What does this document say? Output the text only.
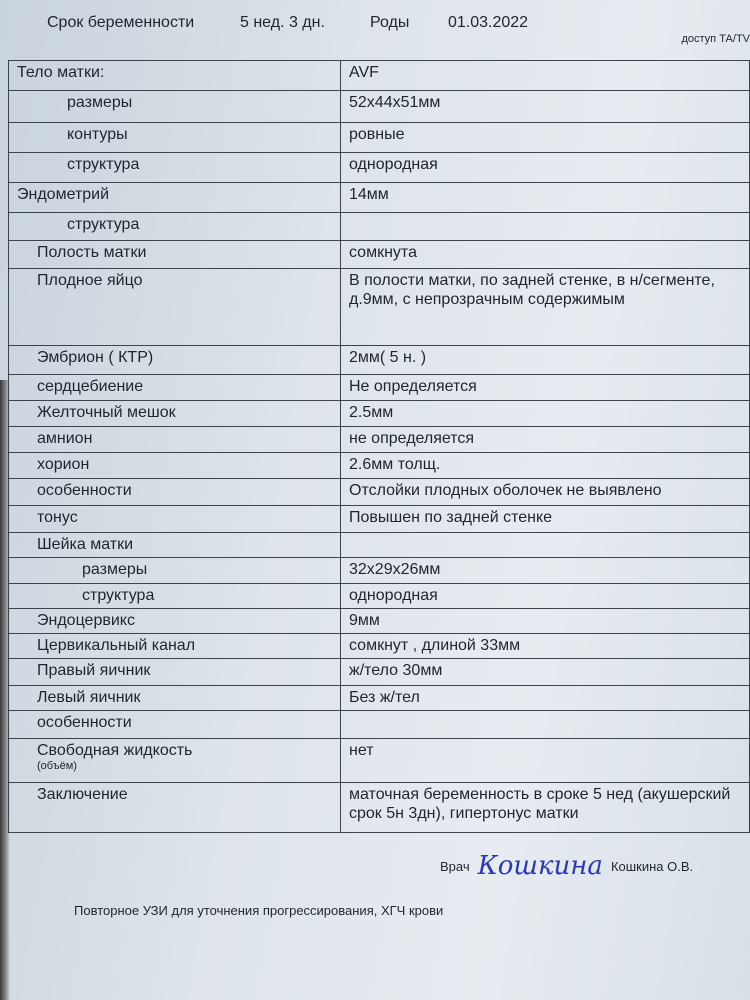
Срок беременности	5 нед. 3 дн.	Роды 01.03.2022
доступ ТА/ТV
Тело матки:	AVF
размеры	52х44х51мм
контуры	ровные
структура	однородная
Эндометрий	14мм
структура	
Полость матки	сомкнута
Плодное яйцо	В полости матки, по задней стенке, в н/сегменте, д.9мм, с непрозрачным содержимым
Эмбрион ( КТР)	2мм( 5 н. )
сердцебиение	Не определяется
Желточный мешок	2.5мм
амнион	не определяется
хорион	2.6мм толщ.
особенности	Отслойки плодных оболочек не выявлено
тонус	Повышен по задней стенке
Шейка матки	
размеры	32х29х26мм
структура	однородная
Эндоцервикс	9мм
Цервикальный канал	сомкнут , длиной 33мм
Правый яичник	ж/тело 30мм
Левый яичник	Без ж/тел
особенности	
Свободная жидкость
(объём)	нет
Заключение	маточная беременность в сроке 5 нед (акушерский срок 5н 3дн), гипертонус матки
Врач Кошкина Кошкина О.В.
Повторное УЗИ для уточнения прогрессирования, ХГЧ крови
